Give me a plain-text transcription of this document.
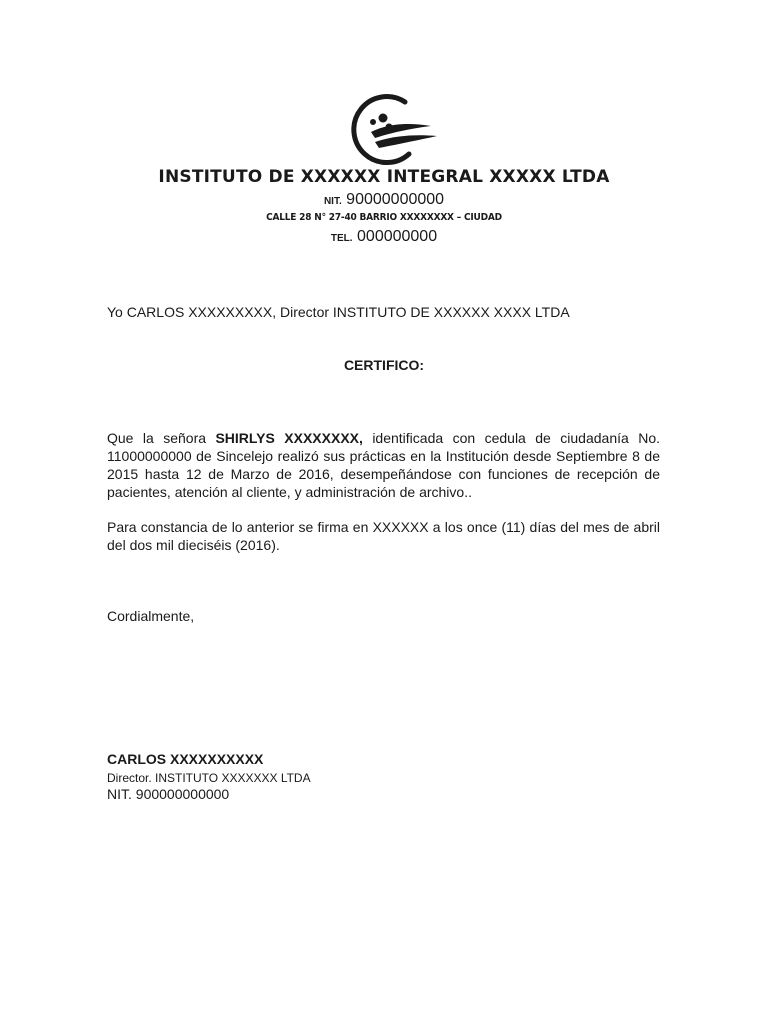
INSTITUTO DE XXXXXX INTEGRAL XXXXX LTDA
NIT. 90000000000
CALLE 28 N° 27-40 BARRIO XXXXXXXX – CIUDAD
TEL. 000000000
Yo CARLOS XXXXXXXXX, Director INSTITUTO DE XXXXXX XXXX LTDA
CERTIFICO:
Que la señora SHIRLYS XXXXXXXX, identificada con cedula de ciudadanía No. 11000000000 de Sincelejo realizó sus prácticas en la Institución desde Septiembre 8 de 2015 hasta 12 de Marzo de 2016, desempeñándose con funciones de recepción de pacientes, atención al cliente, y administración de archivo..
Para constancia de lo anterior se firma en XXXXXX a los once (11) días del mes de abril del dos mil dieciséis (2016).
Cordialmente,
CARLOS XXXXXXXXXX
Director. INSTITUTO XXXXXXX LTDA
NIT. 900000000000
